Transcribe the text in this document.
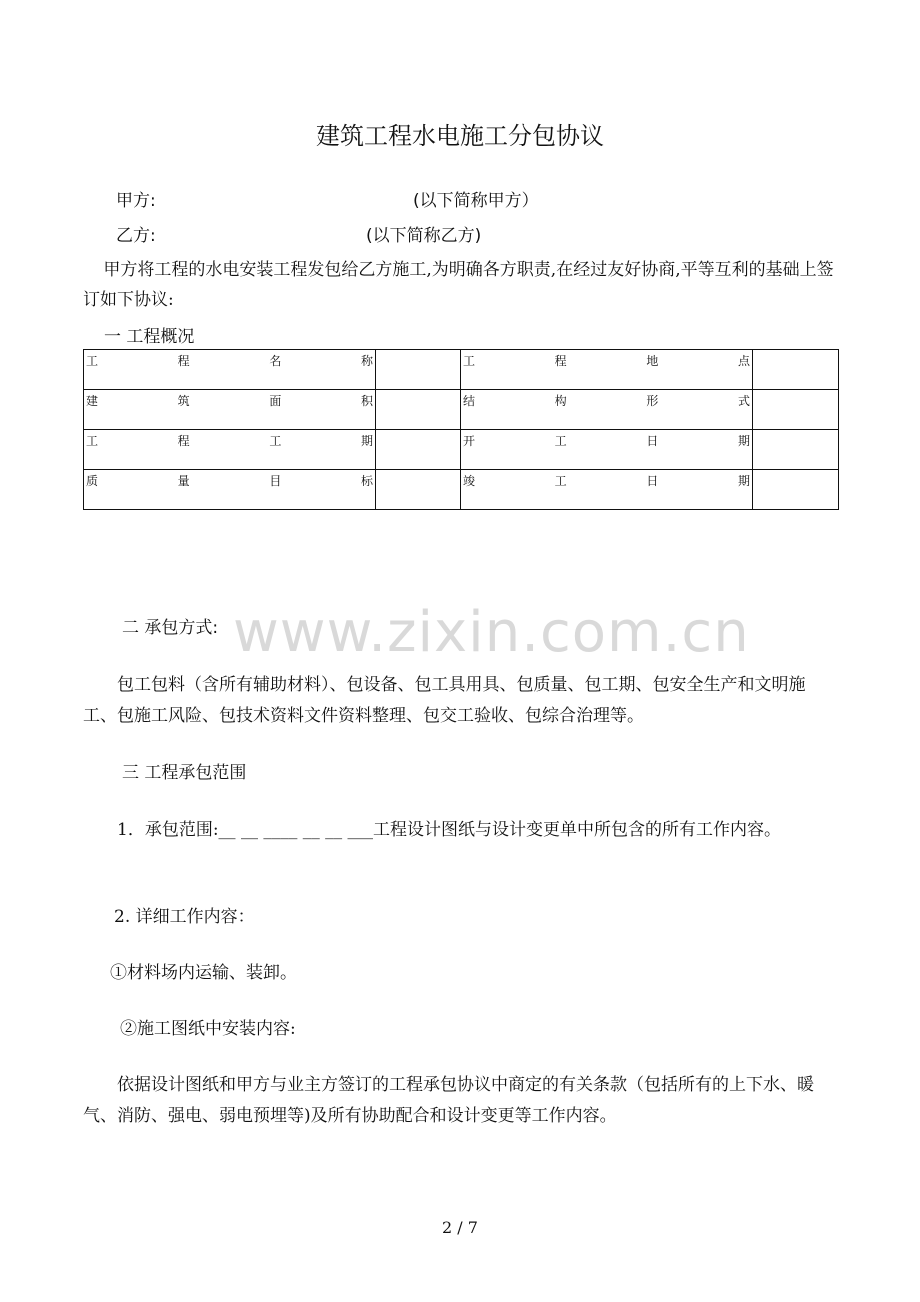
建筑工程水电施工分包协议
甲方:	(以下简称甲方）
乙方:	(以下简称乙方)
甲方将工程的水电安装工程发包给乙方施工,为明确各方职责,在经过友好协商,平等互利的基础上签订如下协议:
一 工程概况
工 程 名 称		工 程 地 点	

建 筑 面 积		结 构 形 式	

工 程 工 期		开 工 日 期	

质 量 目 标		竣 工 日 期	

www.zixin.com.cn
二 承包方式:
包工包料（含所有辅助材料）、包设备、包工具用具、包质量、包工期、包安全生产和文明施工、包施工风险、包技术资料文件资料整理、包交工验收、包综合治理等。
三 工程承包范围
1．承包范围:__ __ ____ __ __ ___工程设计图纸与设计变更单中所包含的所有工作内容。
2. 详细工作内容：
①材料场内运输、装卸。
②施工图纸中安装内容:
依据设计图纸和甲方与业主方签订的工程承包协议中商定的有关条款（包括所有的上下水、暖气、消防、强电、弱电预埋等)及所有协助配合和设计变更等工作内容。
2 / 7
